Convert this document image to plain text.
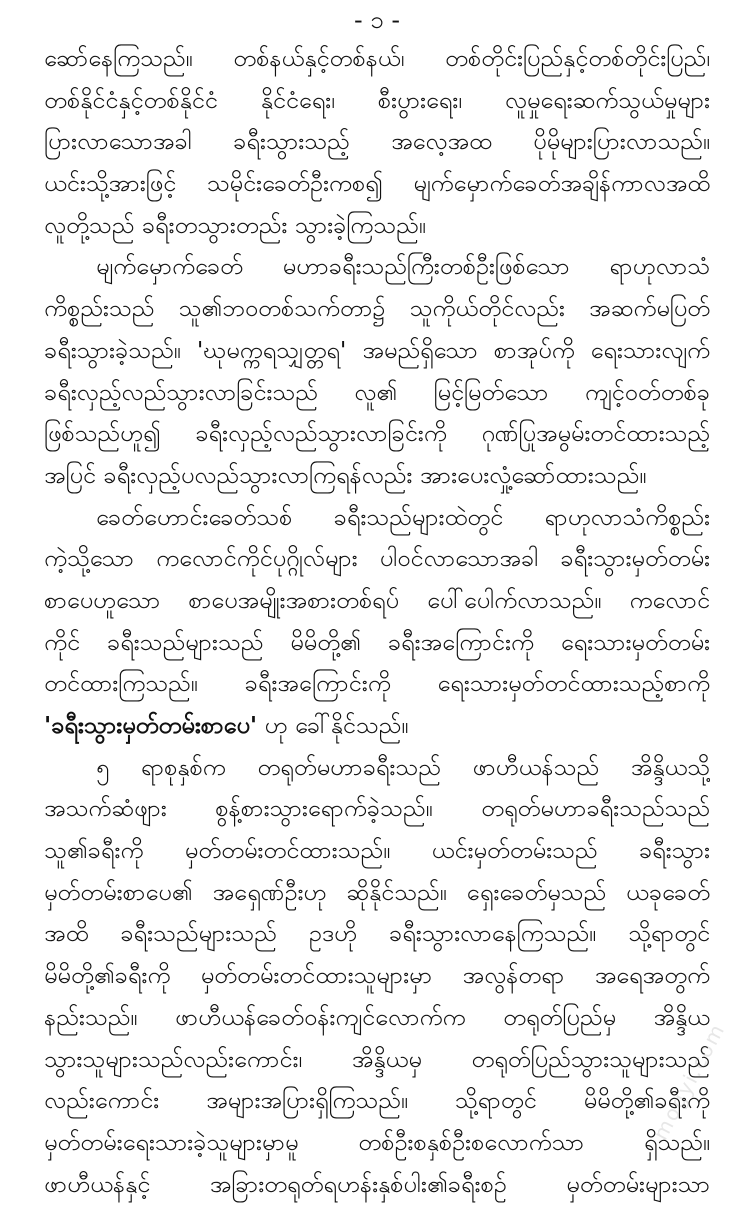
- ၁ -
ဆော်နေကြသည်။ တစ်နယ်နှင့်တစ်နယ်၊ တစ်တိုင်းပြည်နှင့်တစ်တိုင်းပြည်၊
တစ်နိုင်ငံနှင့်တစ်နိုင်ငံ နိုင်ငံရေး၊ စီးပွားရေး၊ လူမှုရေးဆက်သွယ်မှုများ
ပြားလာသောအခါ ခရီးသွားသည့် အလေ့အထ ပိုမိုများပြားလာသည်။
ယင်းသို့အားဖြင့် သမိုင်းခေတ်ဦးကစ၍ မျက်မှောက်ခေတ်အချိန်ကာလအထိ
လူတို့သည် ခရီးတသွားတည်း သွားခဲ့ကြသည်။
မျက်မှောက်ခေတ် မဟာခရီးသည်ကြီးတစ်ဦးဖြစ်သော ရာဟုလာသံ
ကိစ္စည်းသည် သူ၏ဘဝတစ်သက်တာ၌ သူကိုယ်တိုင်လည်း အဆက်မပြတ်
ခရီးသွားခဲ့သည်။ 'ဃုမက္ကရသျှတ္တရ' အမည်ရှိသော စာအုပ်ကို ရေးသားလျက်
ခရီးလှည့်လည်သွားလာခြင်းသည် လူ၏ မြင့်မြတ်သော ကျင့်ဝတ်တစ်ခု
ဖြစ်သည်ဟူ၍ ခရီးလှည့်လည်သွားလာခြင်းကို ဂုဏ်ပြုအမွမ်းတင်ထားသည့်
အပြင် ခရီးလှည့်ပလည်သွားလာကြရန်လည်း အားပေးလှုံ့ဆော်ထားသည်။
ခေတ်ဟောင်းခေတ်သစ် ခရီးသည်များထဲတွင် ရာဟုလာသံကိစ္စည်း
ကဲ့သို့သော ကလောင်ကိုင်ပုဂ္ဂိုလ်များ ပါဝင်လာသောအခါ ခရီးသွားမှတ်တမ်း
စာပေဟူသော စာပေအမျိုးအစားတစ်ရပ် ပေါ်ပေါက်လာသည်။ ကလောင်
ကိုင် ခရီးသည်များသည် မိမိတို့၏ ခရီးအကြောင်းကို ရေးသားမှတ်တမ်း
တင်ထားကြသည်။ ခရီးအကြောင်းကို ရေးသားမှတ်တင်ထားသည့်စာကို
'ခရီးသွားမှတ်တမ်းစာပေ' ဟု ခေါ်နိုင်သည်။
၅ ရာစုနှစ်က တရုတ်မဟာခရီးသည် ဖာဟီယန်သည် အိန္ဒိယသို့
အသက်ဆံဖျား စွန့်စားသွားရောက်ခဲ့သည်။ တရုတ်မဟာခရီးသည်သည်
သူ၏ခရီးကို မှတ်တမ်းတင်ထားသည်။ ယင်းမှတ်တမ်းသည် ခရီးသွား
မှတ်တမ်းစာပေ၏ အရှေဏ်ဦးဟု ဆိုနိုင်သည်။ ရှေးခေတ်မှသည် ယခုခေတ်
အထိ ခရီးသည်များသည် ဥဒဟို ခရီးသွားလာနေကြသည်။ သို့ရာတွင်
မိမိတို့၏ခရီးကို မှတ်တမ်းတင်ထားသူများမှာ အလွန်တရာ အရေအတွက်
နည်းသည်။ ဖာဟီယန်ခေတ်ဝန်းကျင်လောက်က တရုတ်ပြည်မှ အိန္ဒိယ
သွားသူများသည်လည်းကောင်း၊ အိန္ဒိယမှ တရုတ်ပြည်သွားသူများသည်
လည်းကောင်း အများအပြားရှိကြသည်။ သို့ရာတွင် မိမိတို့၏ခရီးကို
မှတ်တမ်းရေးသားခဲ့သူများမှာမူ တစ်ဦးစနှစ်ဦးစလောက်သာ ရှိသည်။
ဖာဟီယန်နှင့် အခြားတရုတ်ရဟန်းနှစ်ပါး၏ခရီးစဉ် မှတ်တမ်းများသာ
mogyi.com
